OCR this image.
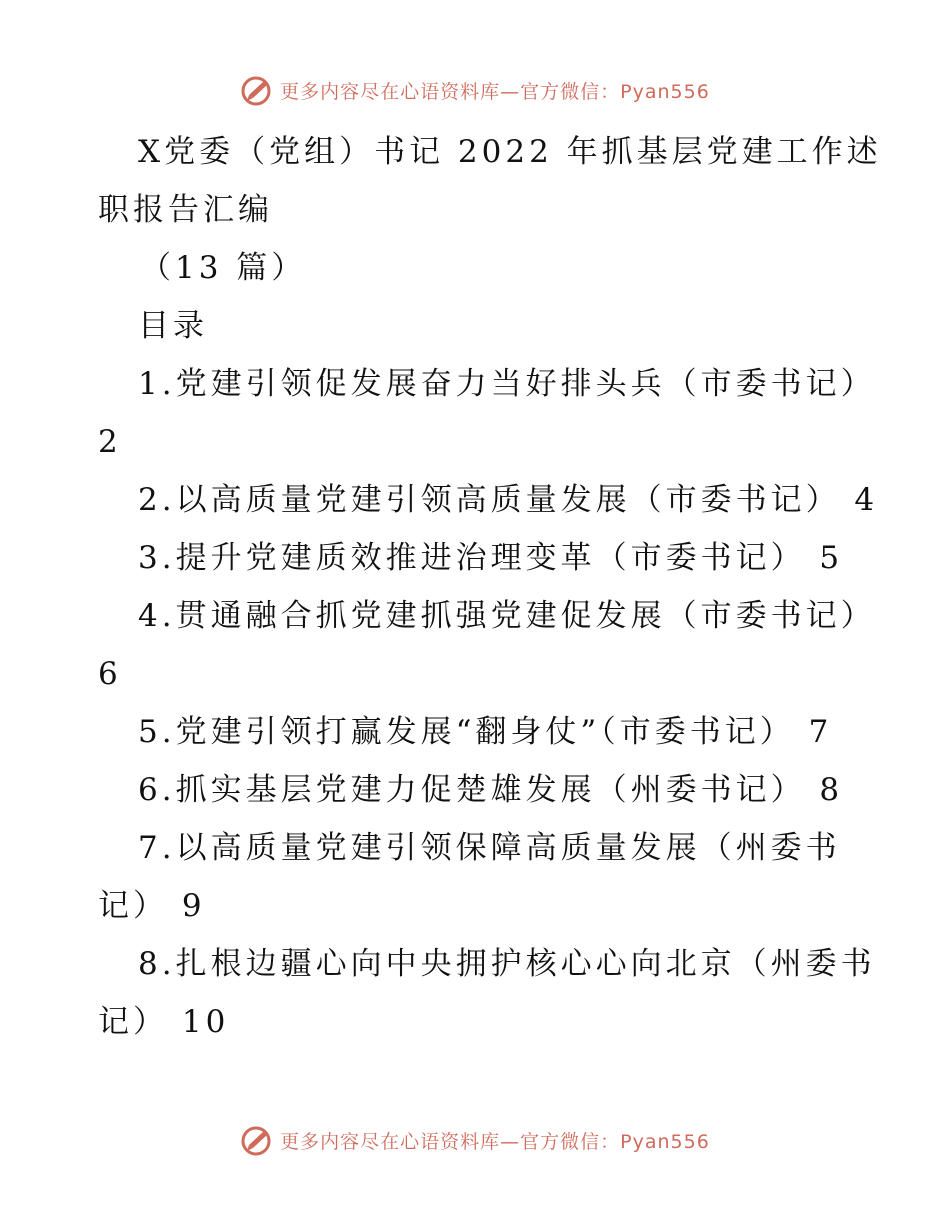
更多内容尽在心语资料库—官方微信：Pyan556
X党委（党组）书记 2022 年抓基层党建工作述
职报告汇编
（13 篇）
目录
1.党建引领促发展奋力当好排头兵（市委书记）
2
2.以高质量党建引领高质量发展（市委书记） 4
3.提升党建质效推进治理变革（市委书记） 5
4.贯通融合抓党建抓强党建促发展（市委书记）
6
5.党建引领打赢发展“翻身仗”（市委书记） 7
6.抓实基层党建力促楚雄发展（州委书记） 8
7.以高质量党建引领保障高质量发展（州委书
记） 9
8.扎根边疆心向中央拥护核心心向北京（州委书
记） 10
更多内容尽在心语资料库—官方微信：Pyan556
